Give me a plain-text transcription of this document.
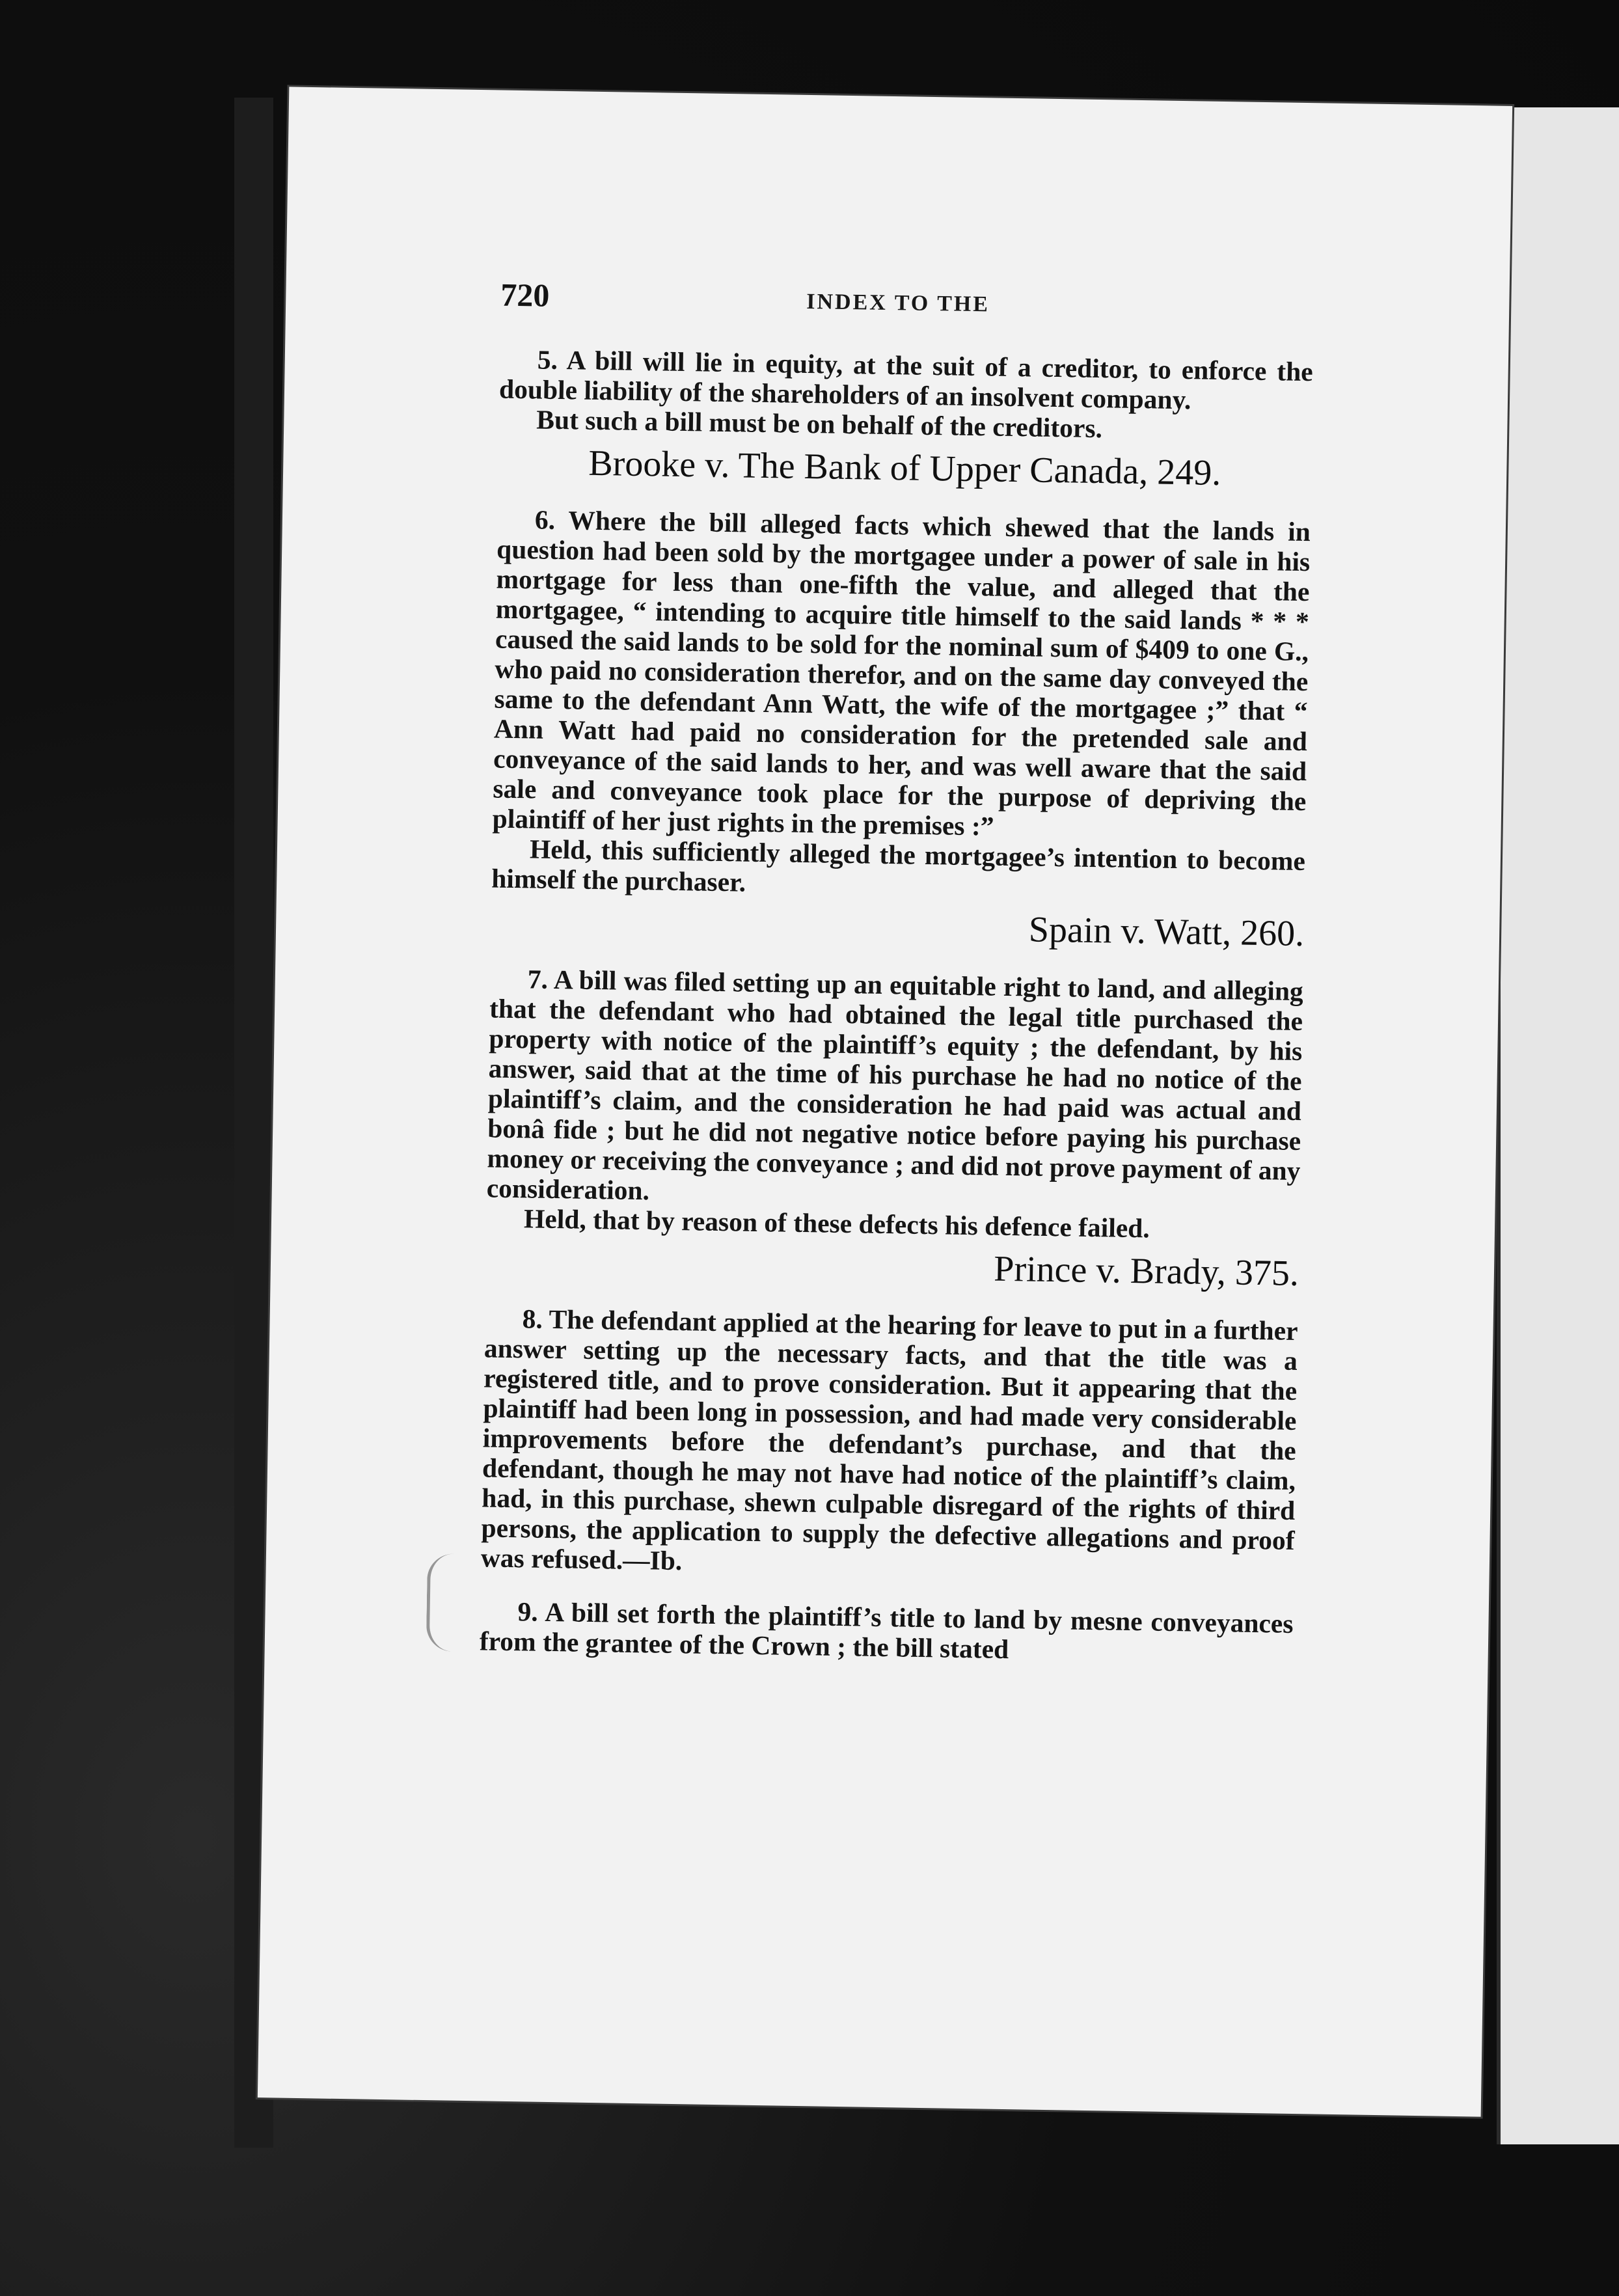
720	INDEX TO THE

5. A bill will lie in equity, at the suit of a creditor, to enforce the double liability of the shareholders of an insolvent company.

But such a bill must be on behalf of the creditors.

Brooke v. The Bank of Upper Canada, 249.

6. Where the bill alleged facts which shewed that the lands in question had been sold by the mortgagee under a power of sale in his mortgage for less than one-fifth the value, and alleged that the mortgagee, “ intending to acquire title himself to the said lands * * * caused the said lands to be sold for the nominal sum of $409 to one G., who paid no consideration therefor, and on the same day conveyed the same to the defendant Ann Watt, the wife of the mortgagee ;” that “ Ann Watt had paid no consideration for the pretended sale and conveyance of the said lands to her, and was well aware that the said sale and conveyance took place for the purpose of depriving the plaintiff of her just rights in the premises :”

Held, this sufficiently alleged the mortgagee’s intention to become himself the purchaser.

Spain v. Watt, 260.

7. A bill was filed setting up an equitable right to land, and alleging that the defendant who had obtained the legal title purchased the property with notice of the plaintiff’s equity ; the defendant, by his answer, said that at the time of his purchase he had no notice of the plaintiff’s claim, and the consideration he had paid was actual and bonâ fide ; but he did not negative notice before paying his purchase money or receiving the conveyance ; and did not prove payment of any consideration.

Held, that by reason of these defects his defence failed.

Prince v. Brady, 375.

8. The defendant applied at the hearing for leave to put in a further answer setting up the necessary facts, and that the title was a registered title, and to prove consideration. But it appearing that the plaintiff had been long in possession, and had made very considerable improvements before the defendant’s purchase, and that the defendant, though he may not have had notice of the plaintiff’s claim, had, in this purchase, shewn culpable disregard of the rights of third persons, the application to supply the defective allegations and proof was refused.—Ib.

9. A bill set forth the plaintiff’s title to land by mesne conveyances from the grantee of the Crown ; the bill stated
